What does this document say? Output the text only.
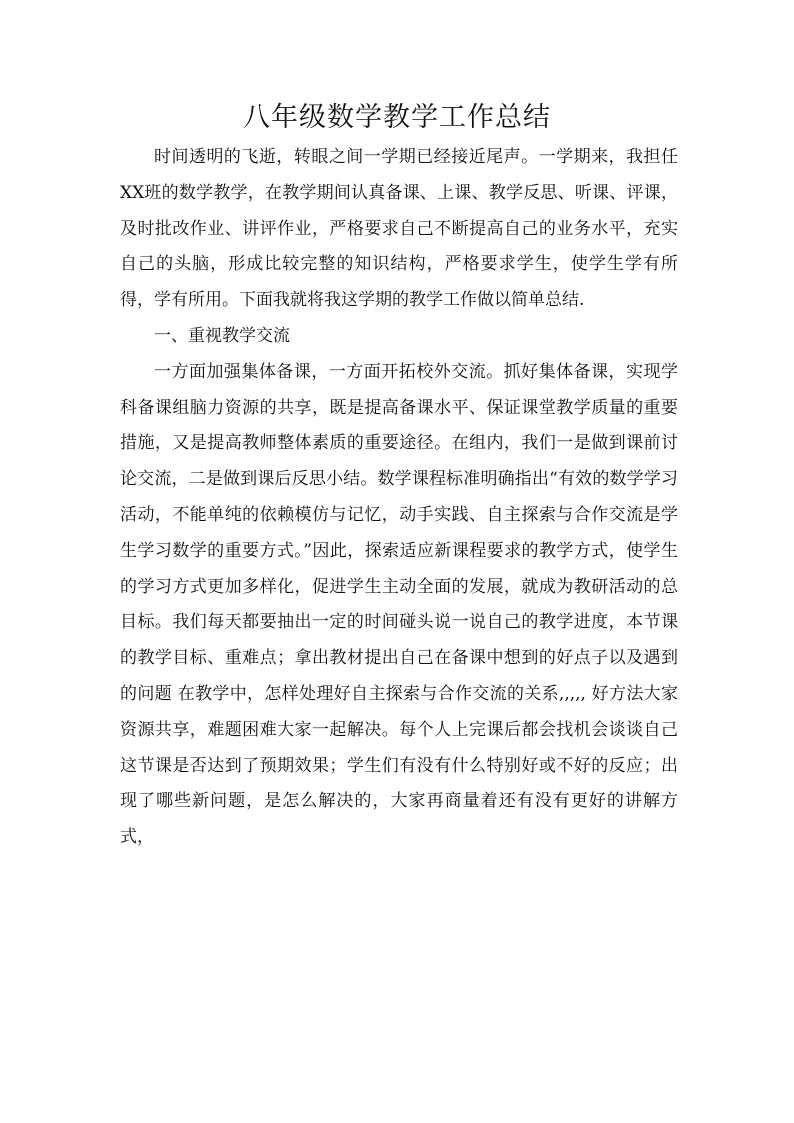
八年级数学教学工作总结

时间透明的飞逝，转眼之间一学期已经接近尾声。一学期来，我担任XX班的数学教学，在教学期间认真备课、上课、教学反思、听课、评课，及时批改作业、讲评作业，严格要求自己不断提高自己的业务水平，充实自己的头脑，形成比较完整的知识结构，严格要求学生，使学生学有所得，学有所用。下面我就将我这学期的教学工作做以简单总结.

一、重视教学交流

一方面加强集体备课，一方面开拓校外交流。抓好集体备课，实现学科备课组脑力资源的共享，既是提高备课水平、保证课堂教学质量的重要措施，又是提高教师整体素质的重要途径。在组内，我们一是做到课前讨论交流，二是做到课后反思小结。数学课程标准明确指出“有效的数学学习活动，不能单纯的依赖模仿与记忆，动手实践、自主探索与合作交流是学生学习数学的重要方式。”因此，探索适应新课程要求的教学方式，使学生的学习方式更加多样化，促进学生主动全面的发展，就成为教研活动的总目标。我们每天都要抽出一定的时间碰头说一说自己的教学进度，本节课的教学目标、重难点；拿出教材提出自己在备课中想到的好点子以及遇到的问题 在教学中，怎样处理好自主探索与合作交流的关系,,,,, 好方法大家资源共享，难题困难大家一起解决。每个人上完课后都会找机会谈谈自己这节课是否达到了预期效果；学生们有没有什么特别好或不好的反应；出现了哪些新问题，是怎么解决的，大家再商量着还有没有更好的讲解方式，
